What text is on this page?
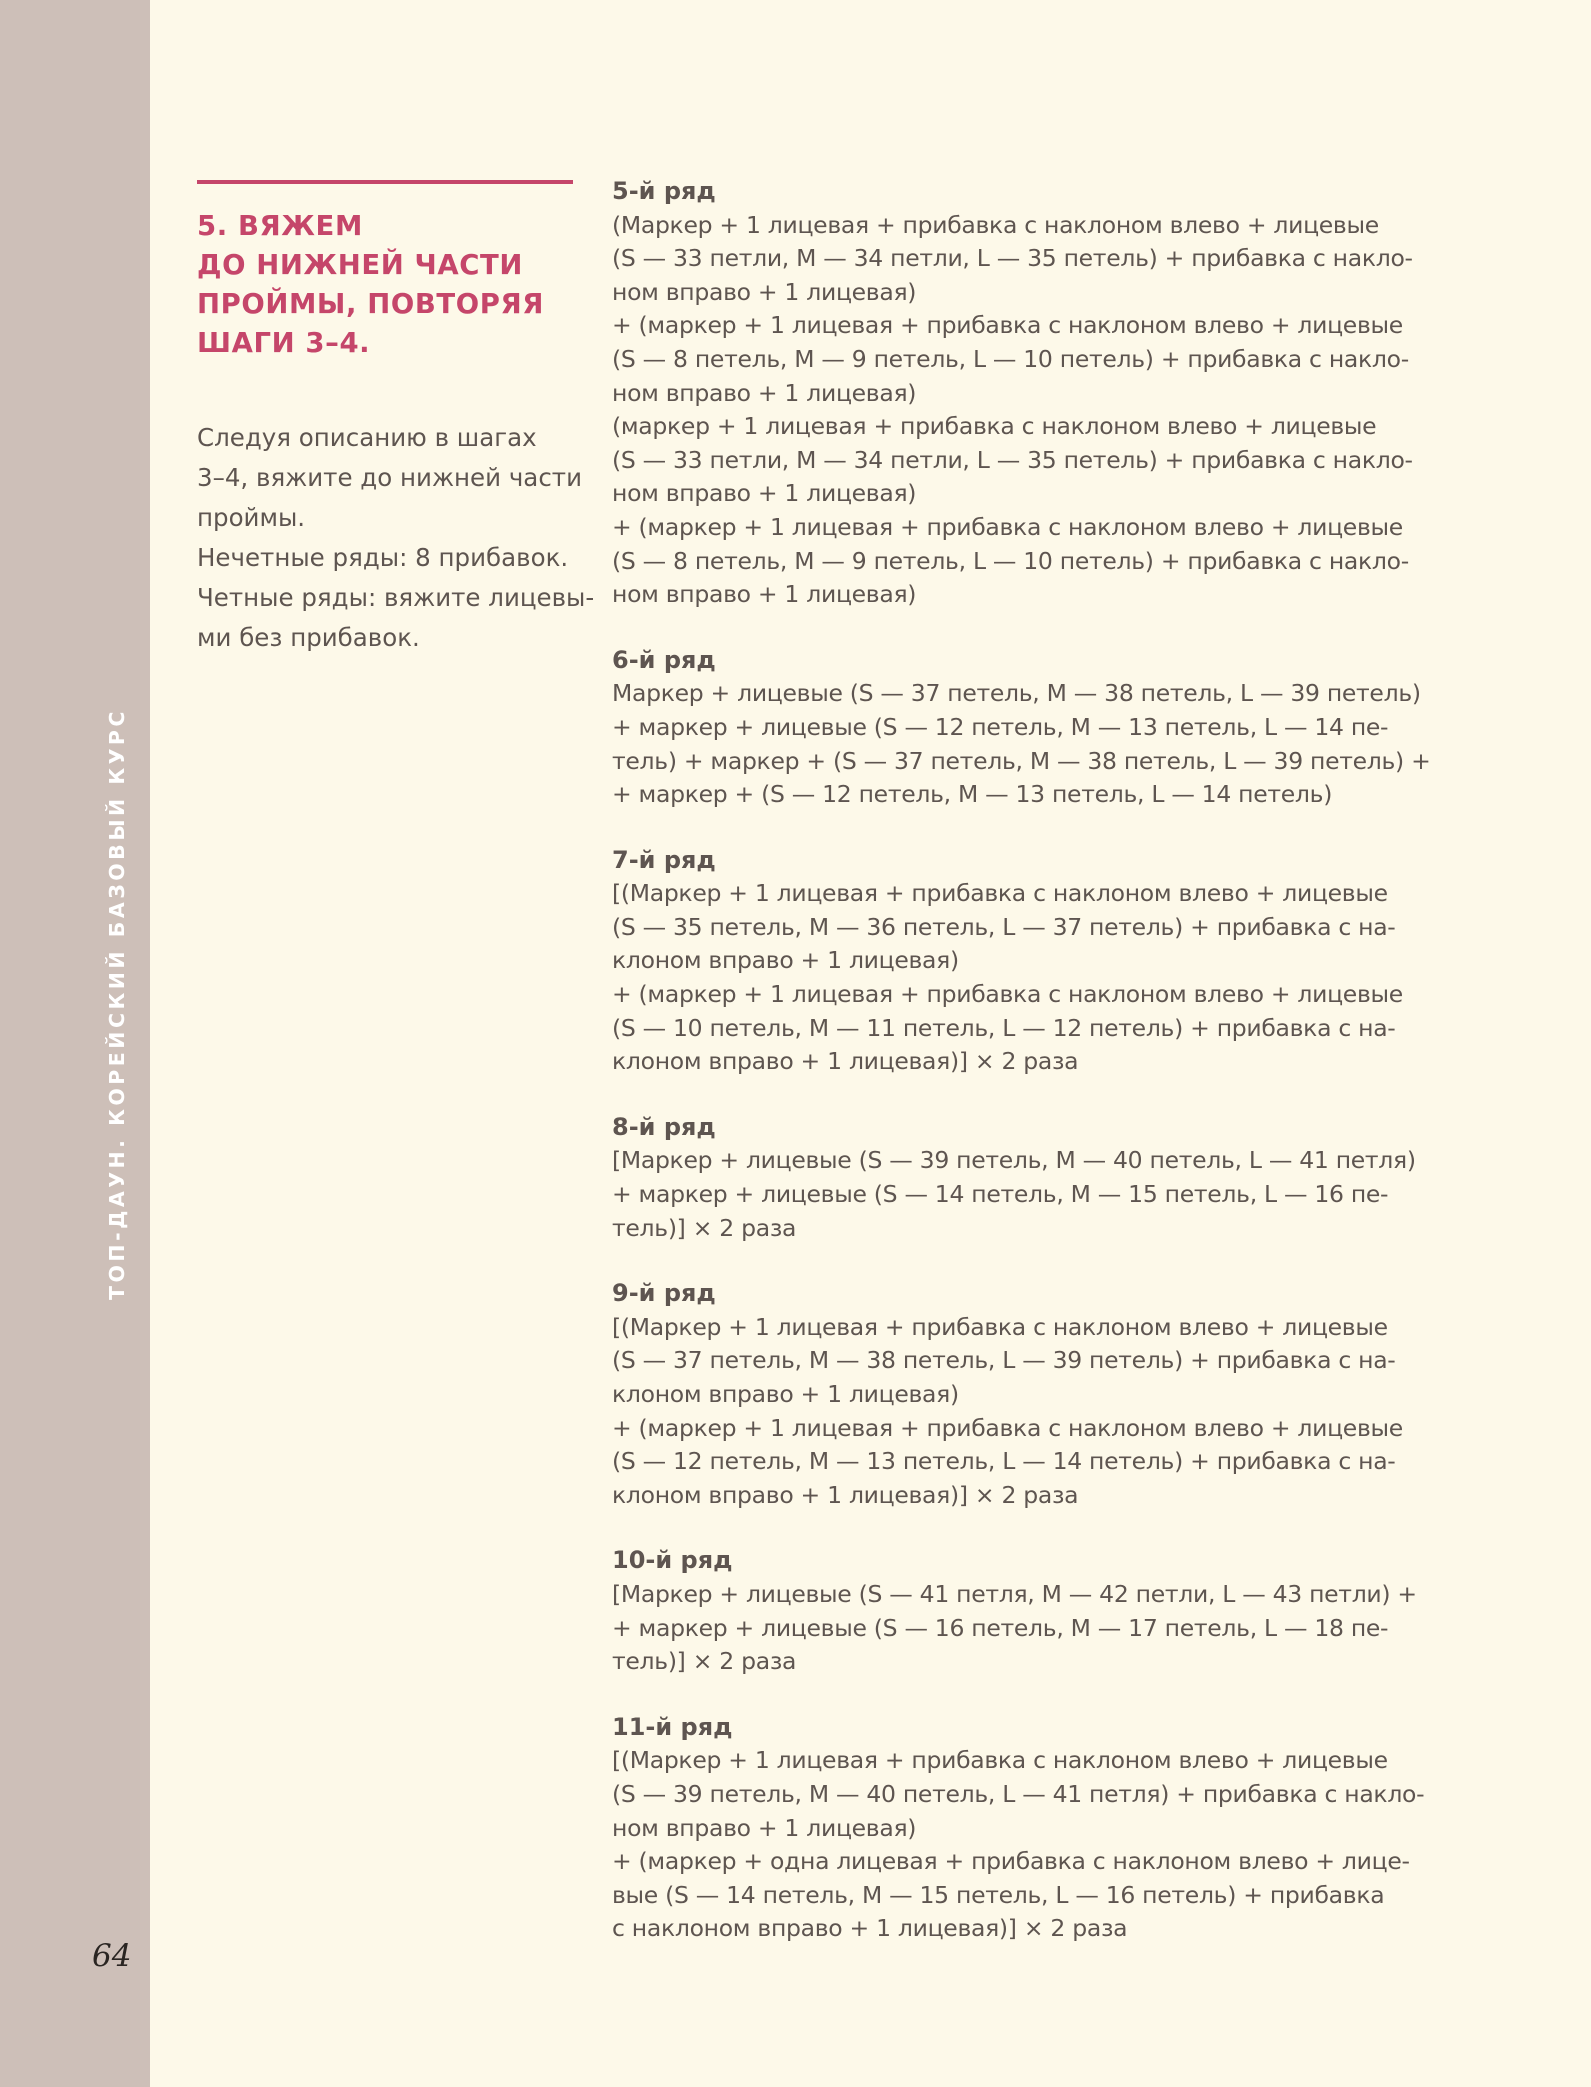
ТОП-ДАУН. КОРЕЙСКИЙ БАЗОВЫЙ КУРС
64
5. ВЯЖЕМ
ДО НИЖНЕЙ ЧАСТИ
ПРОЙМЫ, ПОВТОРЯЯ
ШАГИ 3–4.
Следуя описанию в шагах
3–4, вяжите до нижней части
проймы.
Нечетные ряды: 8 прибавок.
Четные ряды: вяжите лицевы-
ми без прибавок.
5-й ряд
(Маркер + 1 лицевая + прибавка с наклоном влево + лицевые
(S — 33 петли, M — 34 петли, L — 35 петель) + прибавка с накло-
ном вправо + 1 лицевая)
+ (маркер + 1 лицевая + прибавка с наклоном влево + лицевые
(S — 8 петель, M — 9 петель, L — 10 петель) + прибавка с накло-
ном вправо + 1 лицевая)
(маркер + 1 лицевая + прибавка с наклоном влево + лицевые
(S — 33 петли, M — 34 петли, L — 35 петель) + прибавка с накло-
ном вправо + 1 лицевая)
+ (маркер + 1 лицевая + прибавка с наклоном влево + лицевые
(S — 8 петель, M — 9 петель, L — 10 петель) + прибавка с накло-
ном вправо + 1 лицевая)
6-й ряд
Маркер + лицевые (S — 37 петель, M — 38 петель, L — 39 петель)
+ маркер + лицевые (S — 12 петель, M — 13 петель, L — 14 пе-
тель) + маркер + (S — 37 петель, M — 38 петель, L — 39 петель) +
+ маркер + (S — 12 петель, M — 13 петель, L — 14 петель)
7-й ряд
[(Маркер + 1 лицевая + прибавка с наклоном влево + лицевые
(S — 35 петель, M — 36 петель, L — 37 петель) + прибавка с на-
клоном вправо + 1 лицевая)
+ (маркер + 1 лицевая + прибавка с наклоном влево + лицевые
(S — 10 петель, M — 11 петель, L — 12 петель) + прибавка с на-
клоном вправо + 1 лицевая)] × 2 раза
8-й ряд
[Маркер + лицевые (S — 39 петель, M — 40 петель, L — 41 петля)
+ маркер + лицевые (S — 14 петель, M — 15 петель, L — 16 пе-
тель)] × 2 раза
9-й ряд
[(Маркер + 1 лицевая + прибавка с наклоном влево + лицевые
(S — 37 петель, M — 38 петель, L — 39 петель) + прибавка с на-
клоном вправо + 1 лицевая)
+ (маркер + 1 лицевая + прибавка с наклоном влево + лицевые
(S — 12 петель, M — 13 петель, L — 14 петель) + прибавка с на-
клоном вправо + 1 лицевая)] × 2 раза
10-й ряд
[Маркер + лицевые (S — 41 петля, M — 42 петли, L — 43 петли) +
+ маркер + лицевые (S — 16 петель, M — 17 петель, L — 18 пе-
тель)] × 2 раза
11-й ряд
[(Маркер + 1 лицевая + прибавка с наклоном влево + лицевые
(S — 39 петель, M — 40 петель, L — 41 петля) + прибавка с накло-
ном вправо + 1 лицевая)
+ (маркер + одна лицевая + прибавка с наклоном влево + лице-
вые (S — 14 петель, M — 15 петель, L — 16 петель) + прибавка
с наклоном вправо + 1 лицевая)] × 2 раза
